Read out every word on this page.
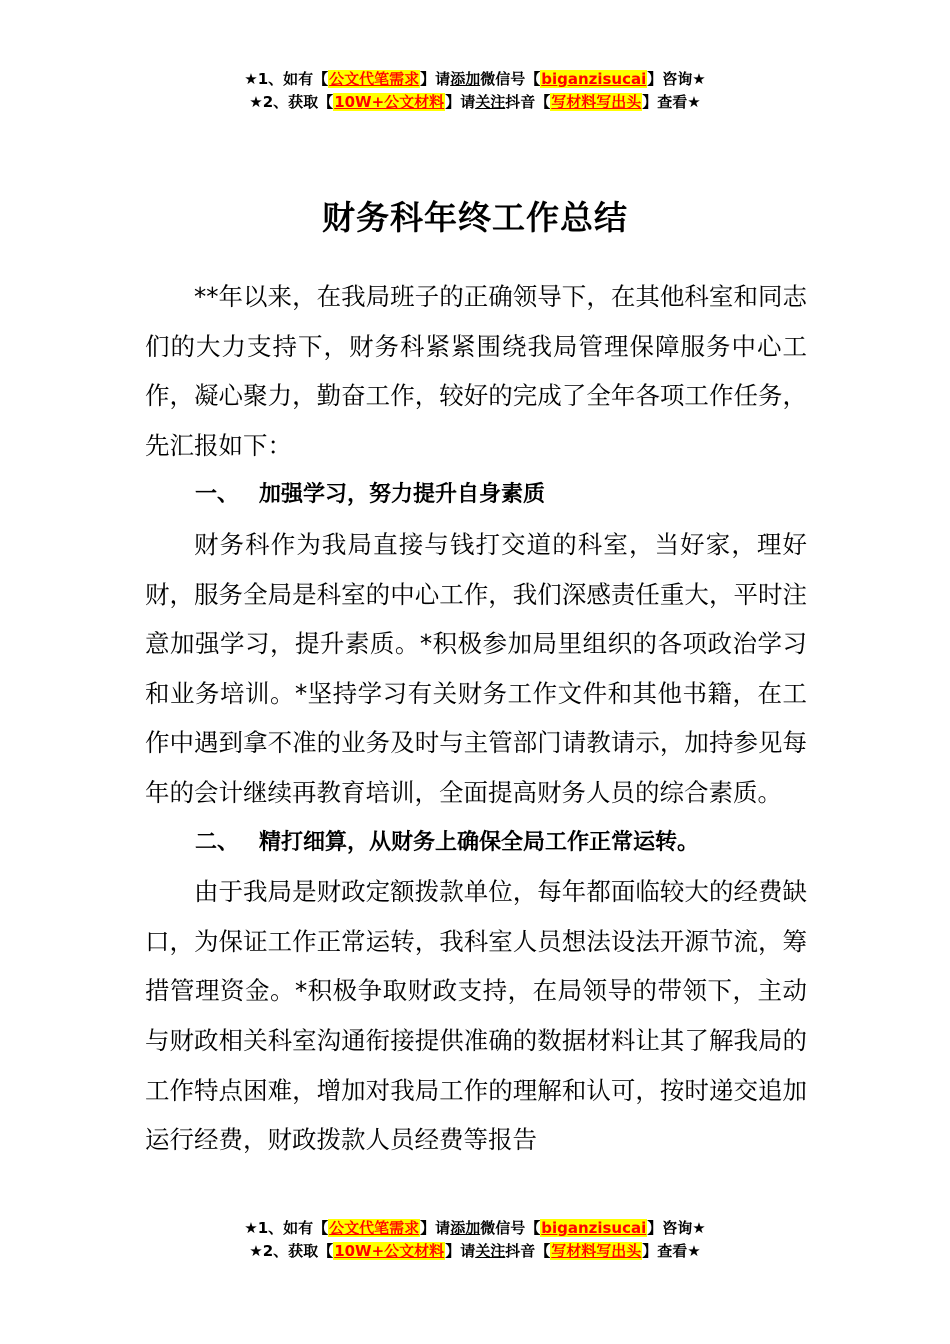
★1、如有【公文代笔需求】请添加微信号【biganzisucai】咨询★
★2、获取【10W+公文材料】请关注抖音【写材料写出头】查看★
财务科年终工作总结

**年以来，在我局班子的正确领导下，在其他科室和同志们的大力支持下，财务科紧紧围绕我局管理保障服务中心工作，凝心聚力，勤奋工作，较好的完成了全年各项工作任务，先汇报如下：

一、 加强学习，努力提升自身素质

财务科作为我局直接与钱打交道的科室，当好家，理好财，服务全局是科室的中心工作，我们深感责任重大，平时注意加强学习，提升素质。*积极参加局里组织的各项政治学习和业务培训。*坚持学习有关财务工作文件和其他书籍，在工作中遇到拿不准的业务及时与主管部门请教请示，加持参见每年的会计继续再教育培训，全面提高财务人员的综合素质。

二、 精打细算，从财务上确保全局工作正常运转。

由于我局是财政定额拨款单位，每年都面临较大的经费缺口，为保证工作正常运转，我科室人员想法设法开源节流，筹措管理资金。*积极争取财政支持，在局领导的带领下，主动与财政相关科室沟通衔接提供准确的数据材料让其了解我局的工作特点困难，增加对我局工作的理解和认可，按时递交追加运行经费，财政拨款人员经费等报告

★1、如有【公文代笔需求】请添加微信号【biganzisucai】咨询★
★2、获取【10W+公文材料】请关注抖音【写材料写出头】查看★
